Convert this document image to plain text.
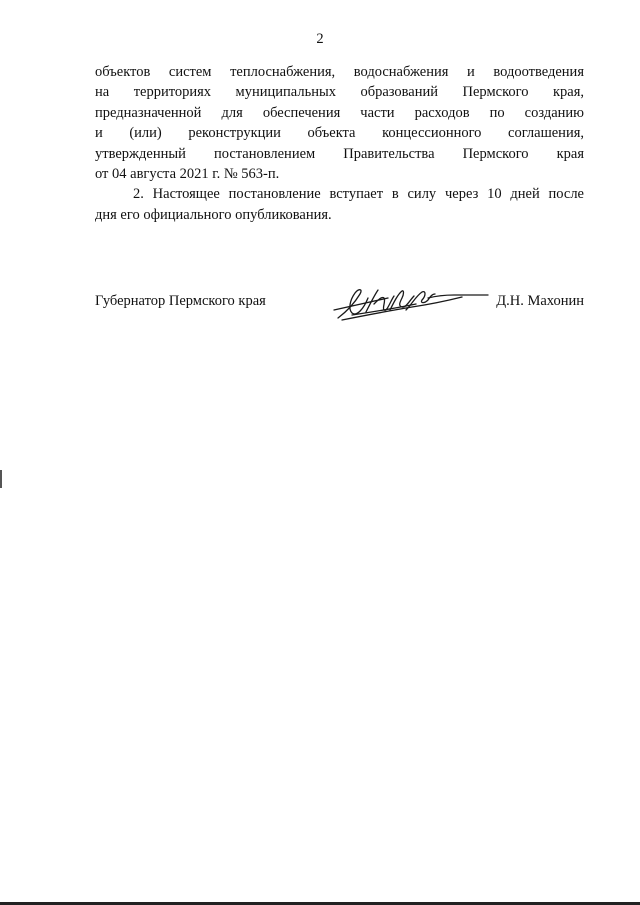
2
объектов систем теплоснабжения, водоснабжения и водоотведения
на территориях муниципальных образований Пермского края,
предназначенной для обеспечения части расходов по созданию
и (или) реконструкции объекта концессионного соглашения,
утвержденный постановлением Правительства Пермского края
от 04 августа 2021 г. № 563-п.
2. Настоящее постановление вступает в силу через 10 дней после
дня его официального опубликования.
Губернатор Пермского края	Д.Н. Махонин
